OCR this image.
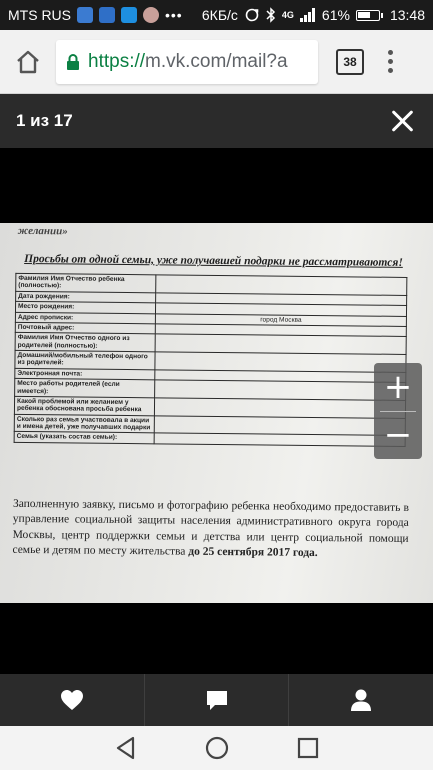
MTS RUS	••• 6КБ/с	4G 61%	13:48
https://m.vk.com/mail?a	38
1 из 17
желании»
Просьбы от одной семьи, уже получавшей подарки не рассматриваются!
Фамилия Имя Отчество ребенка (полностью):	
Дата рождения:	
Место рождения:	
Адрес прописки:	город Москва
Почтовый адрес:	
Фамилия Имя Отчество одного из родителей (полностью):	
Домашний/мобильный телефон одного из родителей:	
Электронная почта:	
Место работы родителей (если имеется):	
Какой проблемой или желанием у ребенка обоснована просьба ребенка	
Сколько раз семья участвовала в акции и имена детей, уже получавших подарки	
Семья (указать состав семьи):	
Заполненную заявку, письмо и фотографию ребенка необходимо предоставить в управление социальной защиты населения административного округа города Москвы, центр поддержки семьи и детства или центр социальной помощи семье и детям по месту жительства до 25 сентября 2017 года.
+
−
